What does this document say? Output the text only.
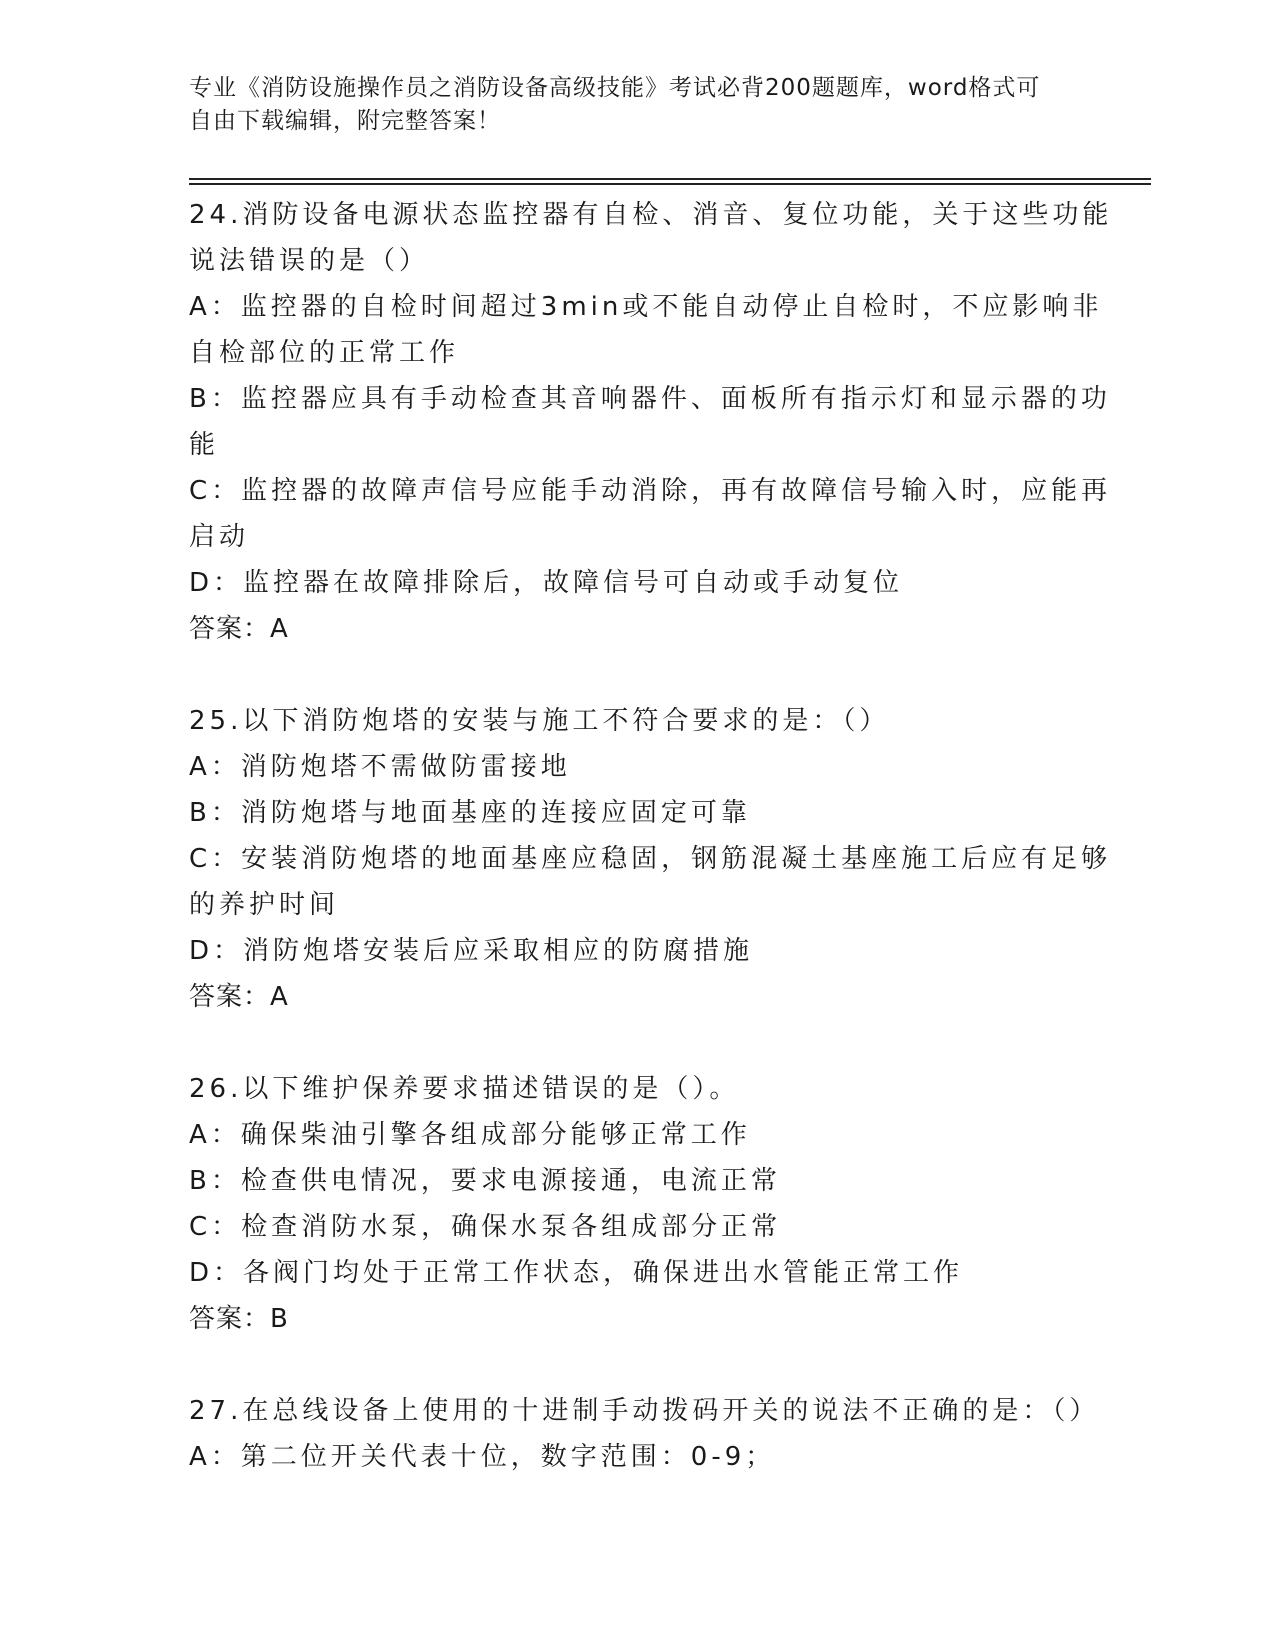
专业《消防设施操作员之消防设备高级技能》考试必背200题题库，word格式可
自由下载编辑，附完整答案！
24.消防设备电源状态监控器有自检、消音、复位功能，关于这些功能
说法错误的是（）
A：监控器的自检时间超过3min或不能自动停止自检时，不应影响非
自检部位的正常工作
B：监控器应具有手动检查其音响器件、面板所有指示灯和显示器的功
能
C：监控器的故障声信号应能手动消除，再有故障信号输入时，应能再
启动
D：监控器在故障排除后，故障信号可自动或手动复位
答案：A
25.以下消防炮塔的安装与施工不符合要求的是：（）
A：消防炮塔不需做防雷接地
B：消防炮塔与地面基座的连接应固定可靠
C：安装消防炮塔的地面基座应稳固，钢筋混凝土基座施工后应有足够
的养护时间
D：消防炮塔安装后应采取相应的防腐措施
答案：A
26.以下维护保养要求描述错误的是（）。
A：确保柴油引擎各组成部分能够正常工作
B：检查供电情况，要求电源接通，电流正常
C：检查消防水泵，确保水泵各组成部分正常
D：各阀门均处于正常工作状态，确保进出水管能正常工作
答案：B
27.在总线设备上使用的十进制手动拨码开关的说法不正确的是：（）
A：第二位开关代表十位，数字范围：0-9；
